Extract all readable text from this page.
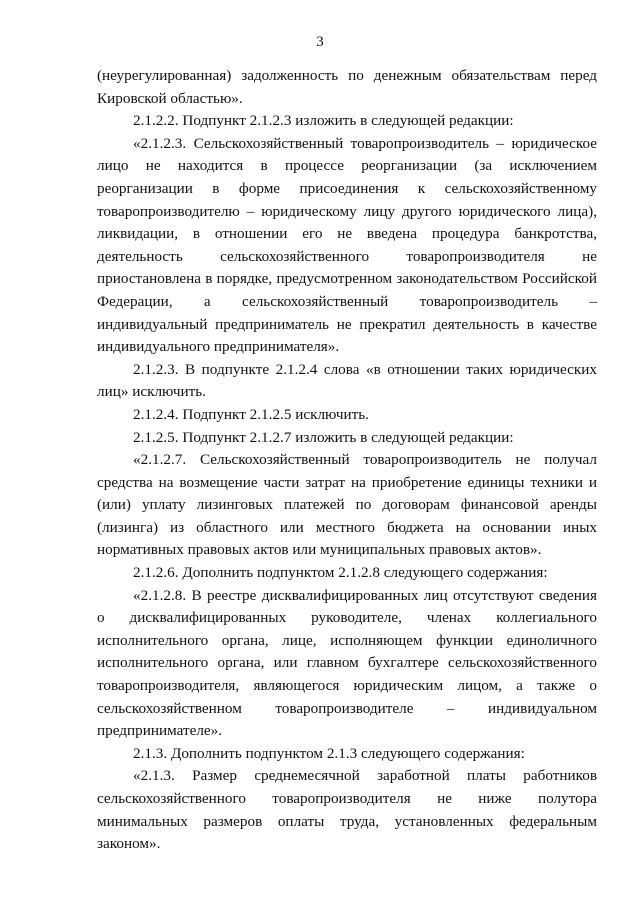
3

(неурегулированная) задолженность по денежным обязательствам перед Кировской областью».

2.1.2.2. Подпункт 2.1.2.3 изложить в следующей редакции:

«2.1.2.3. Сельскохозяйственный товаропроизводитель – юридическое лицо не находится в процессе реорганизации (за исключением реорганизации в форме присоединения к сельскохозяйственному товаропроизводителю – юридическому лицу другого юридического лица), ликвидации, в отношении его не введена процедура банкротства, деятельность сельскохозяйственного товаропроизводителя не приостановлена в порядке, предусмотренном законодательством Российской Федерации, а сельскохозяйственный товаропроизводитель – индивидуальный предприниматель не прекратил деятельность в качестве индивидуального предпринимателя».

2.1.2.3. В подпункте 2.1.2.4 слова «в отношении таких юридических лиц» исключить.

2.1.2.4. Подпункт 2.1.2.5 исключить.

2.1.2.5. Подпункт 2.1.2.7 изложить в следующей редакции:

«2.1.2.7. Сельскохозяйственный товаропроизводитель не получал средства на возмещение части затрат на приобретение единицы техники и (или) уплату лизинговых платежей по договорам финансовой аренды (лизинга) из областного или местного бюджета на основании иных нормативных правовых актов или муниципальных правовых актов».

2.1.2.6. Дополнить подпунктом 2.1.2.8 следующего содержания:

«2.1.2.8. В реестре дисквалифицированных лиц отсутствуют сведения о дисквалифицированных руководителе, членах коллегиального исполнительного органа, лице, исполняющем функции единоличного исполнительного органа, или главном бухгалтере сельскохозяйственного товаропроизводителя, являющегося юридическим лицом, а также о сельскохозяйственном товаропроизводителе – индивидуальном предпринимателе».

2.1.3. Дополнить подпунктом 2.1.3 следующего содержания:

«2.1.3. Размер среднемесячной заработной платы работников сельскохозяйственного товаропроизводителя не ниже полутора минимальных размеров оплаты труда, установленных федеральным законом».
